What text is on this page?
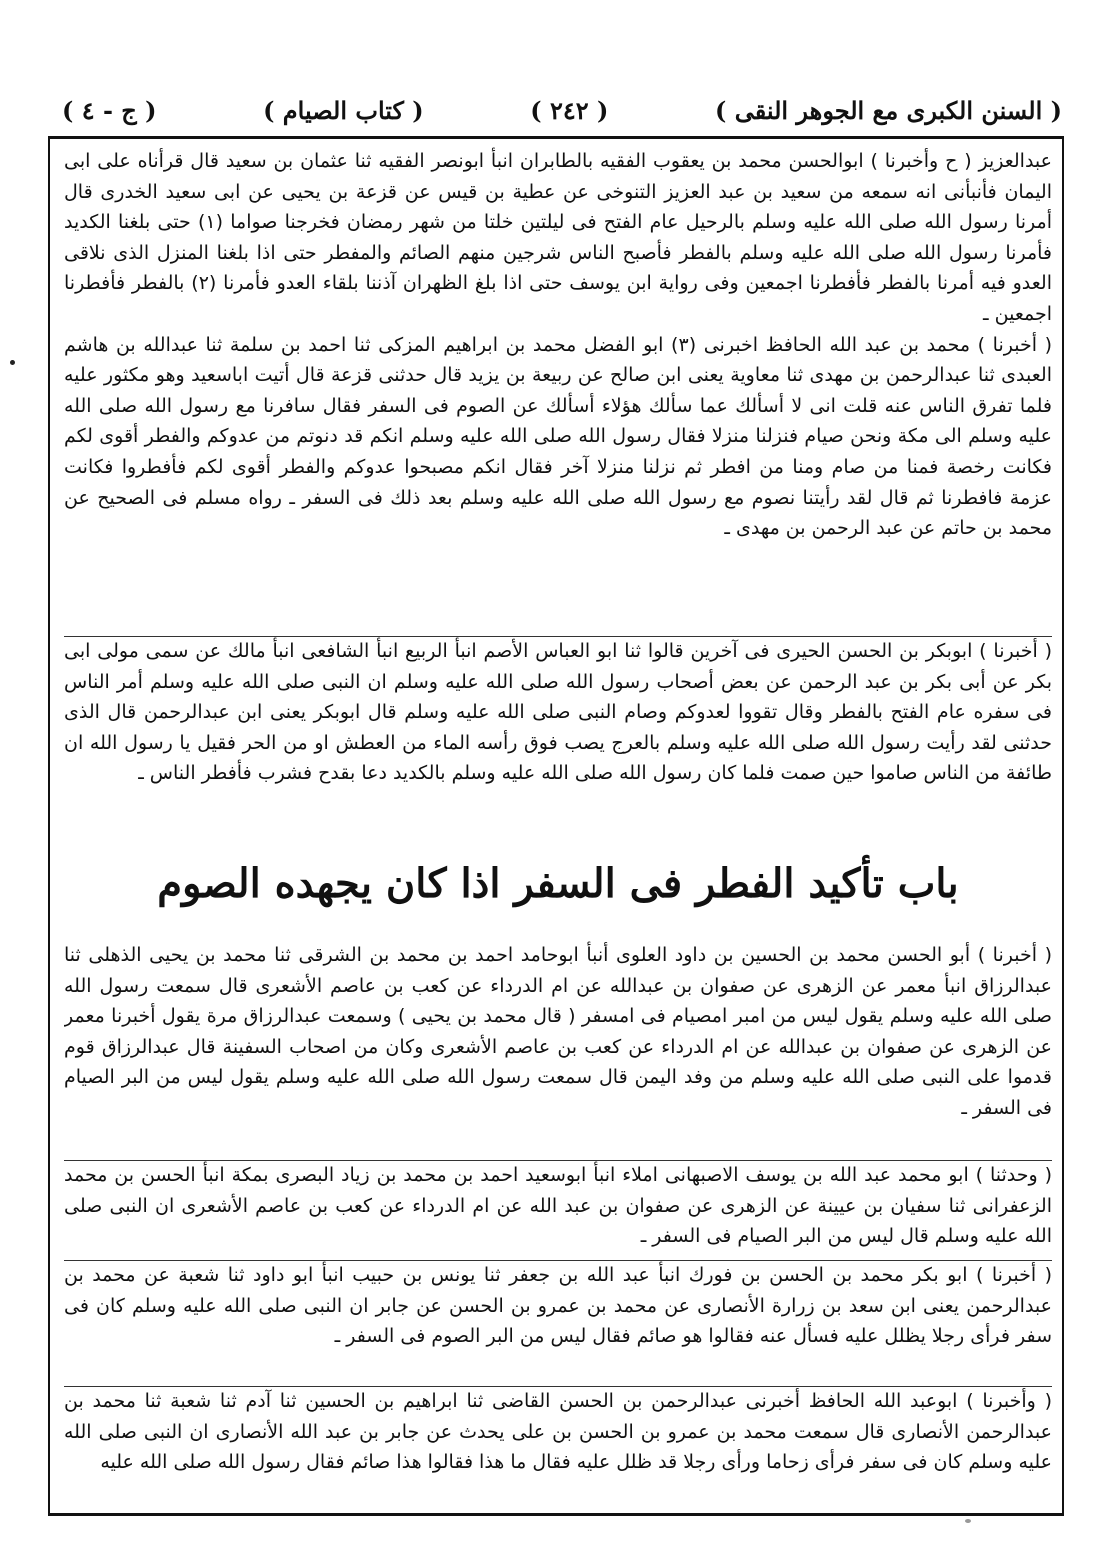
( السنن الكبرى مع الجوهر النقى )
( ٢٤٢ )
( كتاب الصيام )
( ج - ٤ )

عبدالعزيز ( ح وأخبرنا ) ابوالحسن محمد بن يعقوب الفقيه بالطابران انبأ ابونصر الفقيه ثنا عثمان بن سعيد قال قرأناه على ابى اليمان فأنبأنى انه سمعه من سعيد بن عبد العزيز التنوخى عن عطية بن قيس عن قزعة بن يحيى عن ابى سعيد الخدرى قال أمرنا رسول الله صلى الله عليه وسلم بالرحيل عام الفتح فى ليلتين خلتا من شهر رمضان فخرجنا صواما (١) حتى بلغنا الكديد فأمرنا رسول الله صلى الله عليه وسلم بالفطر فأصبح الناس شرجين منهم الصائم والمفطر حتى اذا بلغنا المنزل الذى نلاقى العدو فيه أمرنا بالفطر فأفطرنا اجمعين وفى رواية ابن يوسف حتى اذا بلغ الظهران آذننا بلقاء العدو فأمرنا (٢) بالفطر فأفطرنا اجمعين ـ

( أخبرنا ) محمد بن عبد الله الحافظ اخبرنى (٣) ابو الفضل محمد بن ابراهيم المزكى ثنا احمد بن سلمة ثنا عبدالله بن هاشم العبدى ثنا عبدالرحمن بن مهدى ثنا معاوية يعنى ابن صالح عن ربيعة بن يزيد قال حدثنى قزعة قال أتيت اباسعيد وهو مكثور عليه فلما تفرق الناس عنه قلت انى لا أسألك عما سألك هؤلاء أسألك عن الصوم فى السفر فقال سافرنا مع رسول الله صلى الله عليه وسلم الى مكة ونحن صيام فنزلنا منزلا فقال رسول الله صلى الله عليه وسلم انكم قد دنوتم من عدوكم والفطر أقوى لكم فكانت رخصة فمنا من صام ومنا من افطر ثم نزلنا منزلا آخر فقال انكم مصبحوا عدوكم والفطر أقوى لكم فأفطروا فكانت عزمة فافطرنا ثم قال لقد رأيتنا نصوم مع رسول الله صلى الله عليه وسلم بعد ذلك فى السفر ـ رواه مسلم فى الصحيح عن محمد بن حاتم عن عبد الرحمن بن مهدى ـ

( أخبرنا ) ابوبكر بن الحسن الحيرى فى آخرين قالوا ثنا ابو العباس الأصم انبأ الربيع انبأ الشافعى انبأ مالك عن سمى مولى ابى بكر عن أبى بكر بن عبد الرحمن عن بعض أصحاب رسول الله صلى الله عليه وسلم ان النبى صلى الله عليه وسلم أمر الناس فى سفره عام الفتح بالفطر وقال تقووا لعدوكم وصام النبى صلى الله عليه وسلم قال ابوبكر يعنى ابن عبدالرحمن قال الذى حدثنى لقد رأيت رسول الله صلى الله عليه وسلم بالعرج يصب فوق رأسه الماء من العطش او من الحر فقيل يا رسول الله ان طائفة من الناس صاموا حين صمت فلما كان رسول الله صلى الله عليه وسلم بالكديد دعا بقدح فشرب فأفطر الناس ـ

باب تأكيد الفطر فى السفر اذا كان يجهده الصوم

( أخبرنا ) أبو الحسن محمد بن الحسين بن داود العلوى أنبأ ابوحامد احمد بن محمد بن الشرقى ثنا محمد بن يحيى الذهلى ثنا عبدالرزاق انبأ معمر عن الزهرى عن صفوان بن عبدالله عن ام الدرداء عن كعب بن عاصم الأشعرى قال سمعت رسول الله صلى الله عليه وسلم يقول ليس من امبر امصيام فى امسفر ( قال محمد بن يحيى ) وسمعت عبدالرزاق مرة يقول أخبرنا معمر عن الزهرى عن صفوان بن عبدالله عن ام الدرداء عن كعب بن عاصم الأشعرى وكان من اصحاب السفينة قال عبدالرزاق قوم قدموا على النبى صلى الله عليه وسلم من وفد اليمن قال سمعت رسول الله صلى الله عليه وسلم يقول ليس من البر الصيام فى السفر ـ

( وحدثنا ) ابو محمد عبد الله بن يوسف الاصبهانى املاء انبأ ابوسعيد احمد بن محمد بن زياد البصرى بمكة انبأ الحسن بن محمد الزعفرانى ثنا سفيان بن عيينة عن الزهرى عن صفوان بن عبد الله عن ام الدرداء عن كعب بن عاصم الأشعرى ان النبى صلى الله عليه وسلم قال ليس من البر الصيام فى السفر ـ

( أخبرنا ) ابو بكر محمد بن الحسن بن فورك انبأ عبد الله بن جعفر ثنا يونس بن حبيب انبأ ابو داود ثنا شعبة عن محمد بن عبدالرحمن يعنى ابن سعد بن زرارة الأنصارى عن محمد بن عمرو بن الحسن عن جابر ان النبى صلى الله عليه وسلم كان فى سفر فرأى رجلا يظلل عليه فسأل عنه فقالوا هو صائم فقال ليس من البر الصوم فى السفر ـ

( وأخبرنا ) ابوعبد الله الحافظ أخبرنى عبدالرحمن بن الحسن القاضى ثنا ابراهيم بن الحسين ثنا آدم ثنا شعبة ثنا محمد بن عبدالرحمن الأنصارى قال سمعت محمد بن عمرو بن الحسن بن على يحدث عن جابر بن عبد الله الأنصارى ان النبى صلى الله عليه وسلم كان فى سفر فرأى زحاما ورأى رجلا قد ظلل عليه فقال ما هذا فقالوا هذا صائم فقال رسول الله صلى الله عليه
